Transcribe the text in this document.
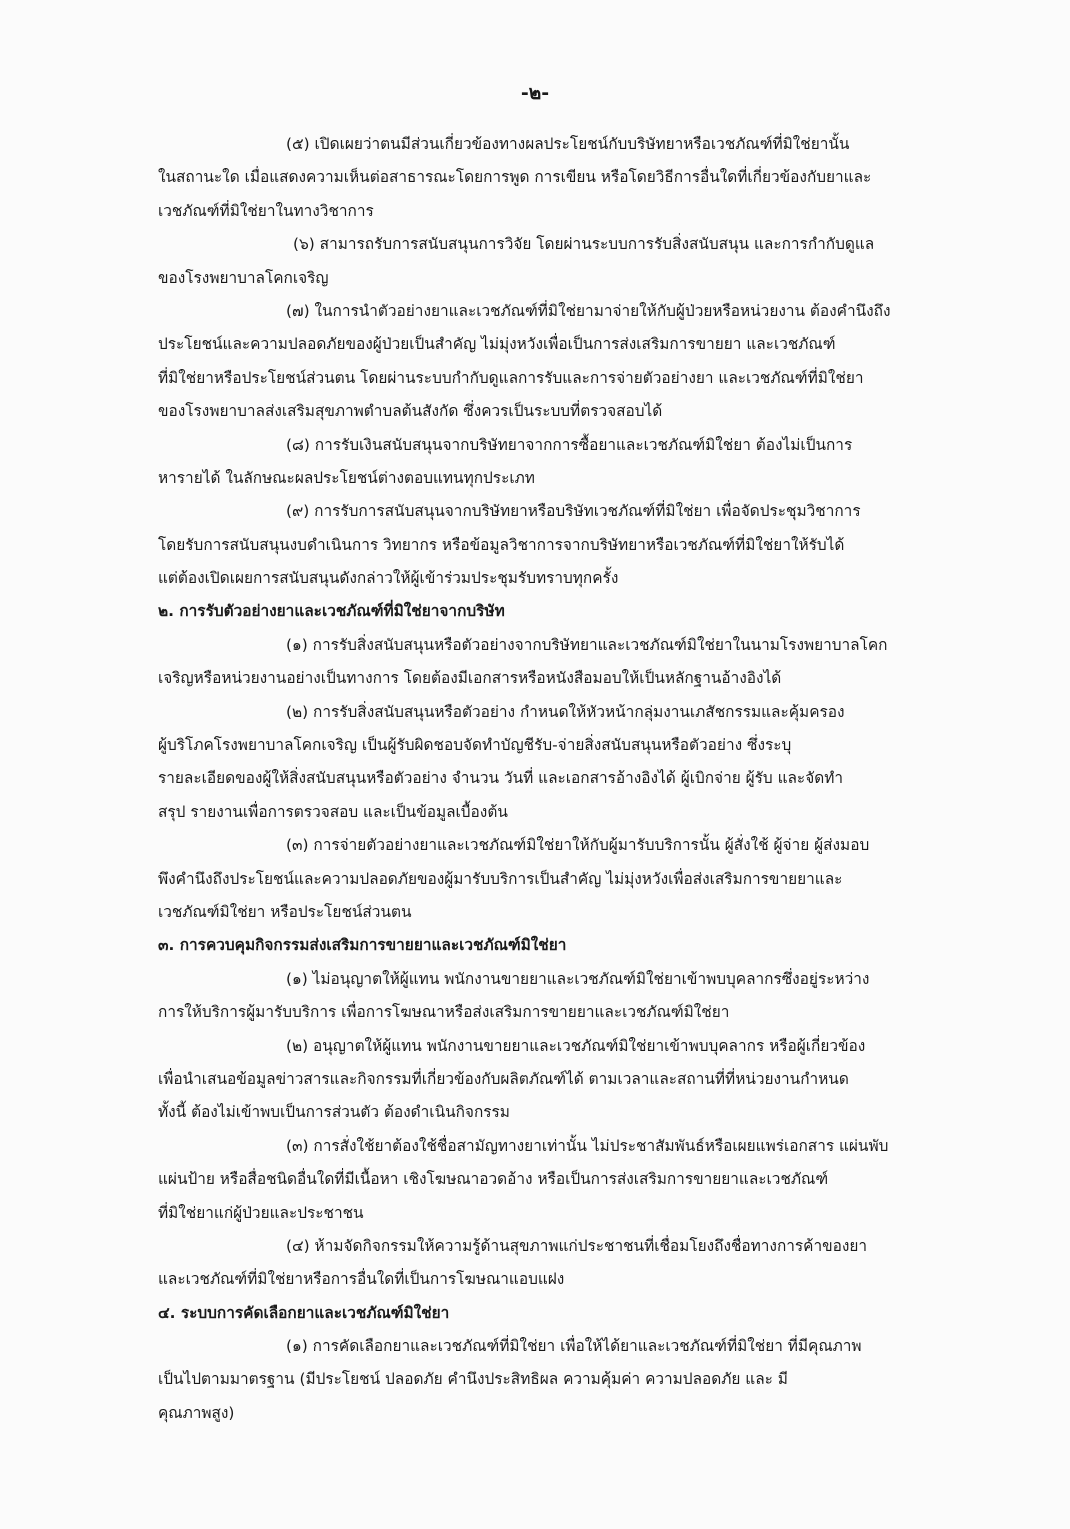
-๒-
(๕) เปิดเผยว่าตนมีส่วนเกี่ยวข้องทางผลประโยชน์กับบริษัทยาหรือเวชภัณฑ์ที่มิใช่ยานั้น
ในสถานะใด เมื่อแสดงความเห็นต่อสาธารณะโดยการพูด การเขียน หรือโดยวิธีการอื่นใดที่เกี่ยวข้องกับยาและ
เวชภัณฑ์ที่มิใช่ยาในทางวิชาการ
(๖) สามารถรับการสนับสนุนการวิจัย โดยผ่านระบบการรับสิ่งสนับสนุน และการกำกับดูแล
ของโรงพยาบาลโคกเจริญ
(๗) ในการนำตัวอย่างยาและเวชภัณฑ์ที่มิใช่ยามาจ่ายให้กับผู้ป่วยหรือหน่วยงาน ต้องคำนึงถึง
ประโยชน์และความปลอดภัยของผู้ป่วยเป็นสำคัญ ไม่มุ่งหวังเพื่อเป็นการส่งเสริมการขายยา และเวชภัณฑ์
ที่มิใช่ยาหรือประโยชน์ส่วนตน โดยผ่านระบบกำกับดูแลการรับและการจ่ายตัวอย่างยา และเวชภัณฑ์ที่มิใช่ยา
ของโรงพยาบาลส่งเสริมสุขภาพตำบลต้นสังกัด ซึ่งควรเป็นระบบที่ตรวจสอบได้
(๘) การรับเงินสนับสนุนจากบริษัทยาจากการซื้อยาและเวชภัณฑ์มิใช่ยา ต้องไม่เป็นการ
หารายได้ ในลักษณะผลประโยชน์ต่างตอบแทนทุกประเภท
(๙) การรับการสนับสนุนจากบริษัทยาหรือบริษัทเวชภัณฑ์ที่มิใช่ยา เพื่อจัดประชุมวิชาการ
โดยรับการสนับสนุนงบดำเนินการ วิทยากร หรือข้อมูลวิชาการจากบริษัทยาหรือเวชภัณฑ์ที่มิใช่ยาให้รับได้
แต่ต้องเปิดเผยการสนับสนุนดังกล่าวให้ผู้เข้าร่วมประชุมรับทราบทุกครั้ง
๒. การรับตัวอย่างยาและเวชภัณฑ์ที่มิใช่ยาจากบริษัท
(๑) การรับสิ่งสนับสนุนหรือตัวอย่างจากบริษัทยาและเวชภัณฑ์มิใช่ยาในนามโรงพยาบาลโคก
เจริญหรือหน่วยงานอย่างเป็นทางการ โดยต้องมีเอกสารหรือหนังสือมอบให้เป็นหลักฐานอ้างอิงได้
(๒) การรับสิ่งสนับสนุนหรือตัวอย่าง กำหนดให้หัวหน้ากลุ่มงานเภสัชกรรมและคุ้มครอง
ผู้บริโภคโรงพยาบาลโคกเจริญ เป็นผู้รับผิดชอบจัดทำบัญชีรับ-จ่ายสิ่งสนับสนุนหรือตัวอย่าง ซึ่งระบุ
รายละเอียดของผู้ให้สิ่งสนับสนุนหรือตัวอย่าง จำนวน วันที่ และเอกสารอ้างอิงได้ ผู้เบิกจ่าย ผู้รับ และจัดทำ
สรุป รายงานเพื่อการตรวจสอบ และเป็นข้อมูลเบื้องต้น
(๓) การจ่ายตัวอย่างยาและเวชภัณฑ์มิใช่ยาให้กับผู้มารับบริการนั้น ผู้สั่งใช้ ผู้จ่าย ผู้ส่งมอบ
พึงคำนึงถึงประโยชน์และความปลอดภัยของผู้มารับบริการเป็นสำคัญ ไม่มุ่งหวังเพื่อส่งเสริมการขายยาและ
เวชภัณฑ์มิใช่ยา หรือประโยชน์ส่วนตน
๓. การควบคุมกิจกรรมส่งเสริมการขายยาและเวชภัณฑ์มิใช่ยา
(๑) ไม่อนุญาตให้ผู้แทน พนักงานขายยาและเวชภัณฑ์มิใช่ยาเข้าพบบุคลากรซึ่งอยู่ระหว่าง
การให้บริการผู้มารับบริการ เพื่อการโฆษณาหรือส่งเสริมการขายยาและเวชภัณฑ์มิใช่ยา
(๒) อนุญาตให้ผู้แทน พนักงานขายยาและเวชภัณฑ์มิใช่ยาเข้าพบบุคลากร หรือผู้เกี่ยวข้อง
เพื่อนำเสนอข้อมูลข่าวสารและกิจกรรมที่เกี่ยวข้องกับผลิตภัณฑ์ได้ ตามเวลาและสถานที่ที่หน่วยงานกำหนด
ทั้งนี้ ต้องไม่เข้าพบเป็นการส่วนตัว ต้องดำเนินกิจกรรม
(๓) การสั่งใช้ยาต้องใช้ชื่อสามัญทางยาเท่านั้น ไม่ประชาสัมพันธ์หรือเผยแพร่เอกสาร แผ่นพับ
แผ่นป้าย หรือสื่อชนิดอื่นใดที่มีเนื้อหา เชิงโฆษณาอวดอ้าง หรือเป็นการส่งเสริมการขายยาและเวชภัณฑ์
ที่มิใช่ยาแก่ผู้ป่วยและประชาชน
(๔) ห้ามจัดกิจกรรมให้ความรู้ด้านสุขภาพแก่ประชาชนที่เชื่อมโยงถึงชื่อทางการค้าของยา
และเวชภัณฑ์ที่มิใช่ยาหรือการอื่นใดที่เป็นการโฆษณาแอบแฝง
๔. ระบบการคัดเลือกยาและเวชภัณฑ์มิใช่ยา
(๑) การคัดเลือกยาและเวชภัณฑ์ที่มิใช่ยา เพื่อให้ได้ยาและเวชภัณฑ์ที่มิใช่ยา ที่มีคุณภาพ
เป็นไปตามมาตรฐาน (มีประโยชน์ ปลอดภัย คำนึงประสิทธิผล ความคุ้มค่า ความปลอดภัย และ มี
คุณภาพสูง)
